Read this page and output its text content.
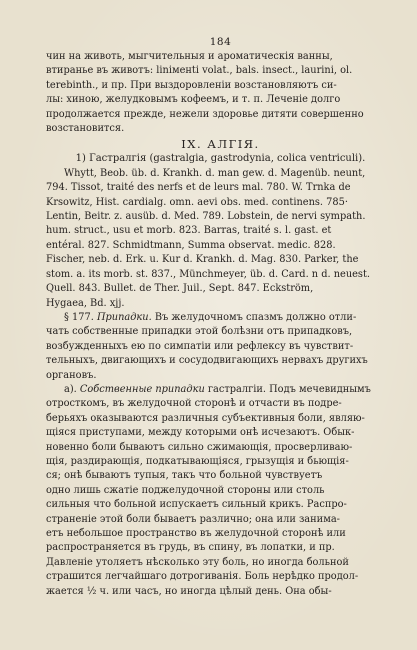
184
чин на животь, мыгчительныя и ароматическія ванны,
втиранье въ животъ: liniменti volat., bals. inseсt., laurini, ol.
terebinth., и пр. При выздоровленіи возстановляютъ си-
лы: хиною, желудковымъ кофеемъ, и т. п. Леченіе долго
продолжается прежде, нежели здоровье дитяти совершенно
возстановится.
IX. АЛГІЯ.
1) Гастралгія (gastralgia, gastrodynia, colica ventriculi).
Whytt, Beob. üb. d. Krankh. d. man gew. d. Magenüb. neunt,
794. Tissot, traité des nerfs et de leurs mal. 780. W. Trnka de
Krsowitz, Hist. cardialg. omn. aevi obs. med. continens. 785·
Lentin, Beitr. z. ausüb. d. Med. 789. Lobstein, de nervi sympath.
hum. struct., usu et morb. 823. Barras, traité s. l. gast. et
entéral. 827. Schmidtmann, Summa observat. medic. 828.
Fischer, neb. d. Erk. u. Kur d. Krankh. d. Mag. 830. Parker, the
stom. a. its morb. st. 837., Münchmeyer, üb. d. Card. n d. neuest.
Quell. 843. Bullet. de Ther. Juil., Sept. 847. Eckström,
Hygaea, Bd. xjj.
§ 177. Припадки. Въ желудочномъ спазмъ должно отли-
чать собственные припадки этой болѣзни отъ припадковъ,
возбужденныхъ ею по симпатіи или рефлексу въ чувствит-
тельныхъ, двигающихъ и сосудодвигающихъ нервахъ другихъ
органовъ.
а). Собственные припадки гастралгіи. Подъ мечевиднымъ
отросткомъ, въ желудочной сторонѣ и отчасти въ подре-
берьяхъ оказываются различныя субъективныя боли, являю-
щіяся приступами, между которыми онѣ исчезаютъ. Обык-
новенно боли бываютъ сильно сжимающія, просверливаю-
щія, раздирающія, подкатывающіяся, грызущія и бьющія-
ся; онѣ бываютъ тупыя, такъ что больной чувствуетъ
одно лишь сжатіе поджелудочной стороны или столь
сильныя что больной испускаетъ сильный крикъ. Распро-
страненіе этой боли бываетъ различно; она или занима-
етъ небольшое пространство въ желудочной сторонѣ или
распространяется въ грудь, въ спину, въ лопатки, и пр.
Давленіе утоляетъ нѣсколько эту боль, но иногда больной
страшится легчайшаго дотрогиванія. Боль нерѣдко продол-
жается ½ ч. или часъ, но иногда цѣлый день. Она обы-
